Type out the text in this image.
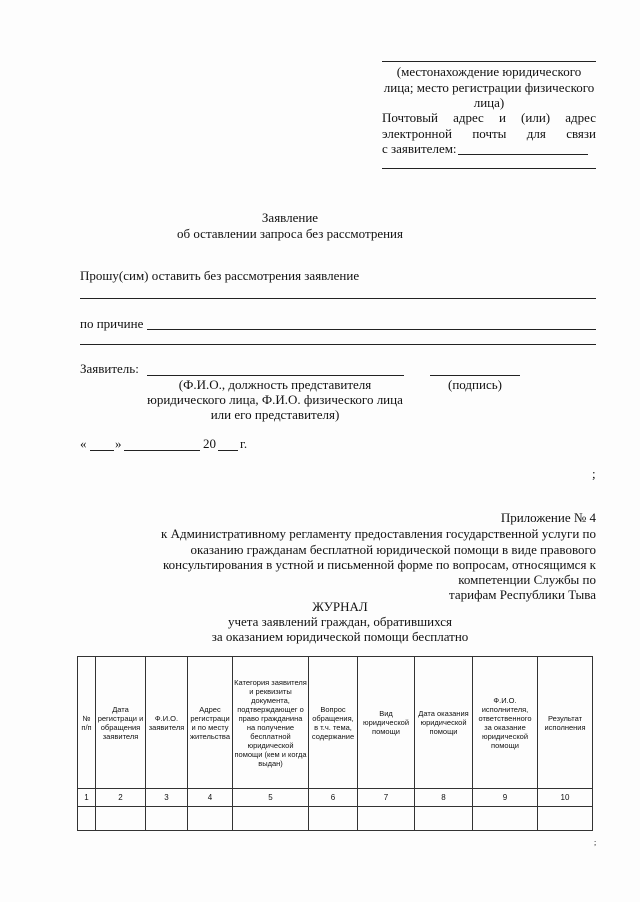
(местонахождение юридического
лица; место регистрации физического
лица)
Почтовый адрес и (или) адрес
электронной почты для связи
с заявителем:
Заявление
об оставлении запроса без рассмотрения
Прошу(сим) оставить без рассмотрения заявление
по причине
Заявитель:
(Ф.И.О., должность представителя
юридического лица, Ф.И.О. физического лица
или его представителя)
(подпись)
« »	20 г.
;
Приложение № 4
к Административному регламенту предоставления государственной услуги по
оказанию гражданам бесплатной юридической помощи в виде правового
консультирования в устной и письменной форме по вопросам, относящимся к
компетенции Службы по
тарифам Республики Тыва
ЖУРНАЛ
учета заявлений граждан, обратившихся
за оказанием юридической помощи бесплатно
№ п/п	Дата регистраци и обращения заявителя	Ф.И.О. заявителя	Адрес регистраци и по месту жительства	Категория заявителя и реквизиты документа, подтверждающег о право гражданина на получение бесплатной юридической помощи (кем и когда выдан)	Вопрос обращения, в т.ч. тема, содержание	Вид юридической помощи	Дата оказания юридической помощи	Ф.И.О. исполнителя, ответственного за оказание юридической помощи	Результат исполнения
1	2	3	4	5	6	7	8	9	10

;
